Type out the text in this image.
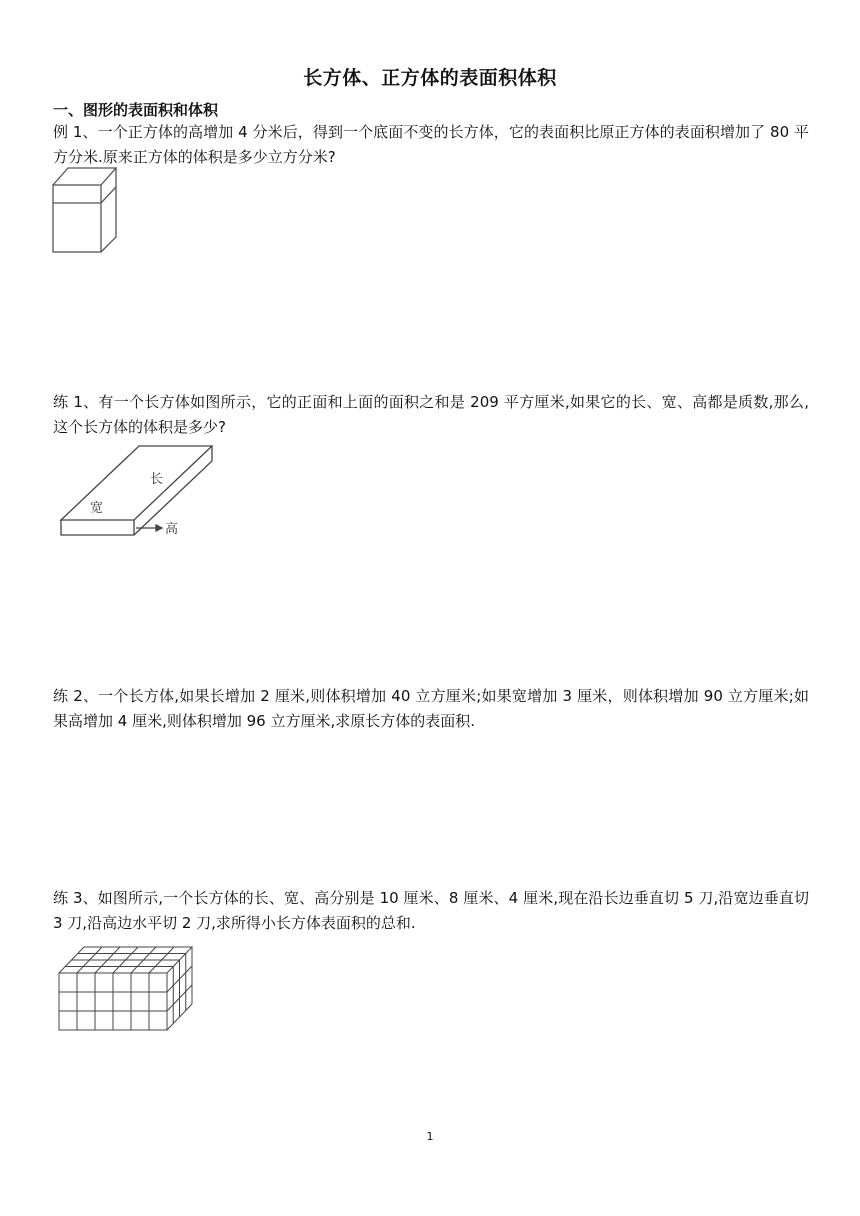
长方体、正方体的表面积体积
一、图形的表面积和体积
例 1、一个正方体的高增加 4 分米后，得到一个底面不变的长方体，它的表面积比原正方体的表面积增加了 80 平方分米.原来正方体的体积是多少立方分米?
练 1、有一个长方体如图所示，它的正面和上面的面积之和是 209 平方厘米,如果它的长、宽、高都是质数,那么,这个长方体的体积是多少?
长
宽
高
练 2、一个长方体,如果长增加 2 厘米,则体积增加 40 立方厘米;如果宽增加 3 厘米，则体积增加 90 立方厘米;如果高增加 4 厘米,则体积增加 96 立方厘米,求原长方体的表面积.
练 3、如图所示,一个长方体的长、宽、高分别是 10 厘米、8 厘米、4 厘米,现在沿长边垂直切 5 刀,沿宽边垂直切 3 刀,沿高边水平切 2 刀,求所得小长方体表面积的总和.
1
